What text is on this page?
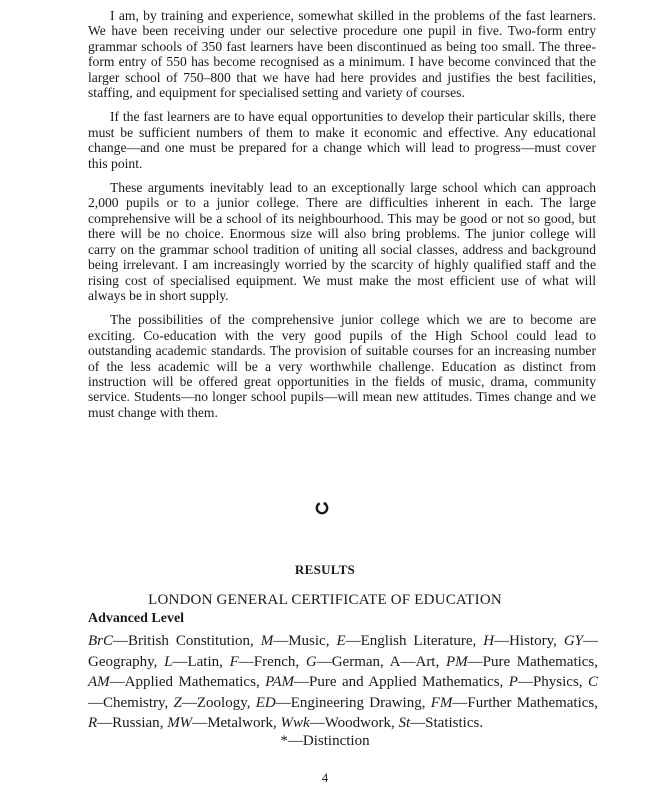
I am, by training and experience, somewhat skilled in the problems of the fast learners. We have been receiving under our selective procedure one pupil in five. Two-form entry grammar schools of 350 fast learners have been discontinued as being too small. The three-form entry of 550 has become recognised as a minimum. I have become convinced that the larger school of 750–800 that we have had here provides and justifies the best facilities, staffing, and equipment for specialised setting and variety of courses.

If the fast learners are to have equal opportunities to develop their particular skills, there must be sufficient numbers of them to make it economic and effective. Any educational change—and one must be prepared for a change which will lead to progress—must cover this point.

These arguments inevitably lead to an exceptionally large school which can approach 2,000 pupils or to a junior college. There are difficulties inherent in each. The large comprehensive will be a school of its neighbourhood. This may be good or not so good, but there will be no choice. Enormous size will also bring problems. The junior college will carry on the grammar school tradition of uniting all social classes, address and background being irrelevant. I am increasingly worried by the scarcity of highly qualified staff and the rising cost of specialised equipment. We must make the most efficient use of what will always be in short supply.

The possibilities of the comprehensive junior college which we are to become are exciting. Co-education with the very good pupils of the High School could lead to outstanding academic standards. The provision of suitable courses for an increasing number of the less academic will be a very worthwhile challenge. Education as distinct from instruction will be offered great opportunities in the fields of music, drama, community service. Students—no longer school pupils—will mean new attitudes. Times change and we must change with them.

RESULTS
LONDON GENERAL CERTIFICATE OF EDUCATION
Advanced Level
BrC—British Constitution, M—Music, E—English Literature, H—History, GY—Geography, L—Latin, F—French, G—German, A—Art, PM—Pure Mathematics, AM—Applied Mathematics, PAM—Pure and Applied Mathematics, P—Physics, C—Chemistry, Z—Zoology, ED—Engineering Drawing, FM—Further Mathematics, R—Russian, MW—Metalwork, Wwk—Woodwork, St—Statistics.
*—Distinction
4
